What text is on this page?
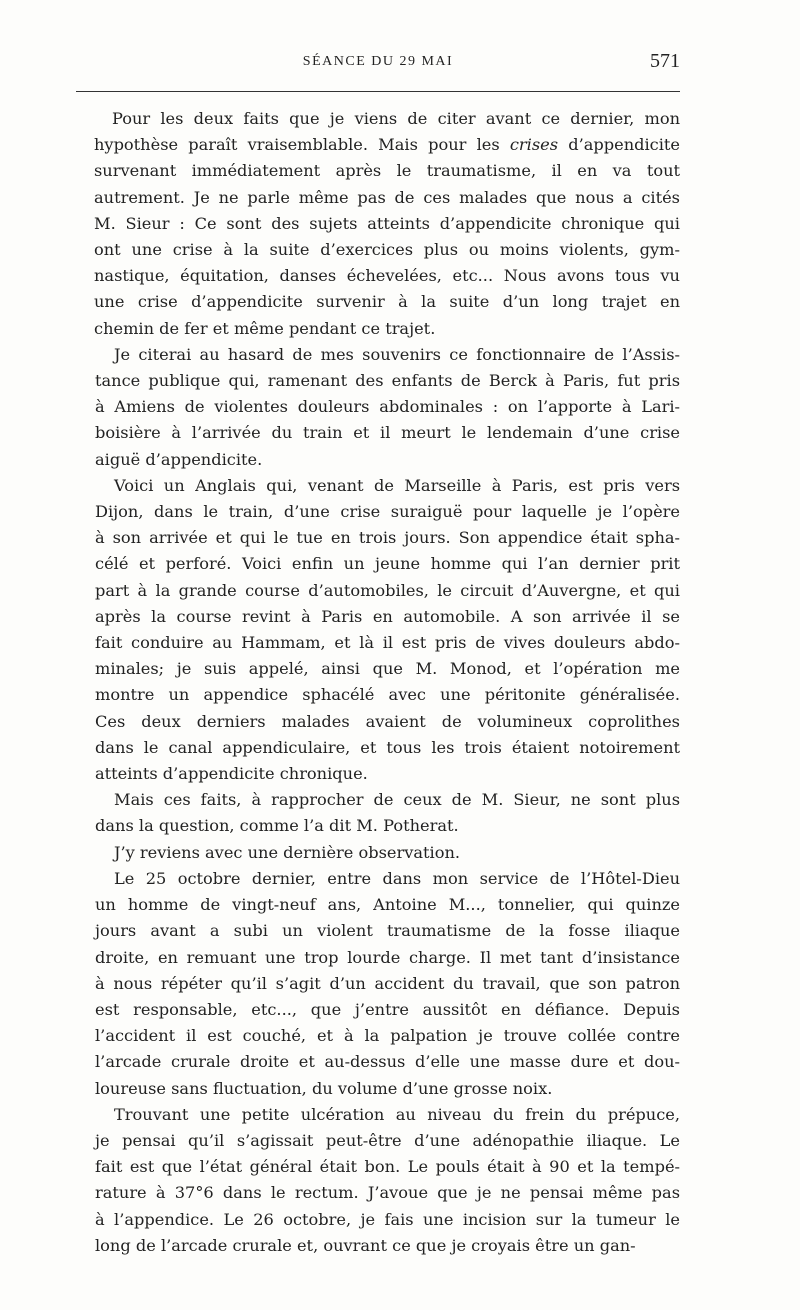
SÉANCE DU 29 MAI	571
Pour les deux faits que je viens de citer avant ce dernier, mon
hypothèse paraît vraisemblable. Mais pour les crises d’appendicite
survenant immédiatement après le traumatisme, il en va tout
autrement. Je ne parle même pas de ces malades que nous a cités
M. Sieur : Ce sont des sujets atteints d’appendicite chronique qui
ont une crise à la suite d’exercices plus ou moins violents, gym-
nastique, équitation, danses échevelées, etc... Nous avons tous vu
une crise d’appendicite survenir à la suite d’un long trajet en
chemin de fer et même pendant ce trajet.
Je citerai au hasard de mes souvenirs ce fonctionnaire de l’Assis-
tance publique qui, ramenant des enfants de Berck à Paris, fut pris
à Amiens de violentes douleurs abdominales : on l’apporte à Lari-
boisière à l’arrivée du train et il meurt le lendemain d’une crise
aiguë d’appendicite.
Voici un Anglais qui, venant de Marseille à Paris, est pris vers
Dijon, dans le train, d’une crise suraiguë pour laquelle je l’opère
à son arrivée et qui le tue en trois jours. Son appendice était spha-
célé et perforé. Voici enfin un jeune homme qui l’an dernier prit
part à la grande course d’automobiles, le circuit d’Auvergne, et qui
après la course revint à Paris en automobile. A son arrivée il se
fait conduire au Hammam, et là il est pris de vives douleurs abdo-
minales; je suis appelé, ainsi que M. Monod, et l’opération me
montre un appendice sphacélé avec une péritonite généralisée.
Ces deux derniers malades avaient de volumineux coprolithes
dans le canal appendiculaire, et tous les trois étaient notoirement
atteints d’appendicite chronique.
Mais ces faits, à rapprocher de ceux de M. Sieur, ne sont plus
dans la question, comme l’a dit M. Potherat.
J’y reviens avec une dernière observation.
Le 25 octobre dernier, entre dans mon service de l’Hôtel-Dieu
un homme de vingt-neuf ans, Antoine M..., tonnelier, qui quinze
jours avant a subi un violent traumatisme de la fosse iliaque
droite, en remuant une trop lourde charge. Il met tant d’insistance
à nous répéter qu’il s’agit d’un accident du travail, que son patron
est responsable, etc..., que j’entre aussitôt en défiance. Depuis
l’accident il est couché, et à la palpation je trouve collée contre
l’arcade crurale droite et au-dessus d’elle une masse dure et dou-
loureuse sans fluctuation, du volume d’une grosse noix.
Trouvant une petite ulcération au niveau du frein du prépuce,
je pensai qu’il s’agissait peut-être d’une adénopathie iliaque. Le
fait est que l’état général était bon. Le pouls était à 90 et la tempé-
rature à 37°6 dans le rectum. J’avoue que je ne pensai même pas
à l’appendice. Le 26 octobre, je fais une incision sur la tumeur le
long de l’arcade crurale et, ouvrant ce que je croyais être un gan-
